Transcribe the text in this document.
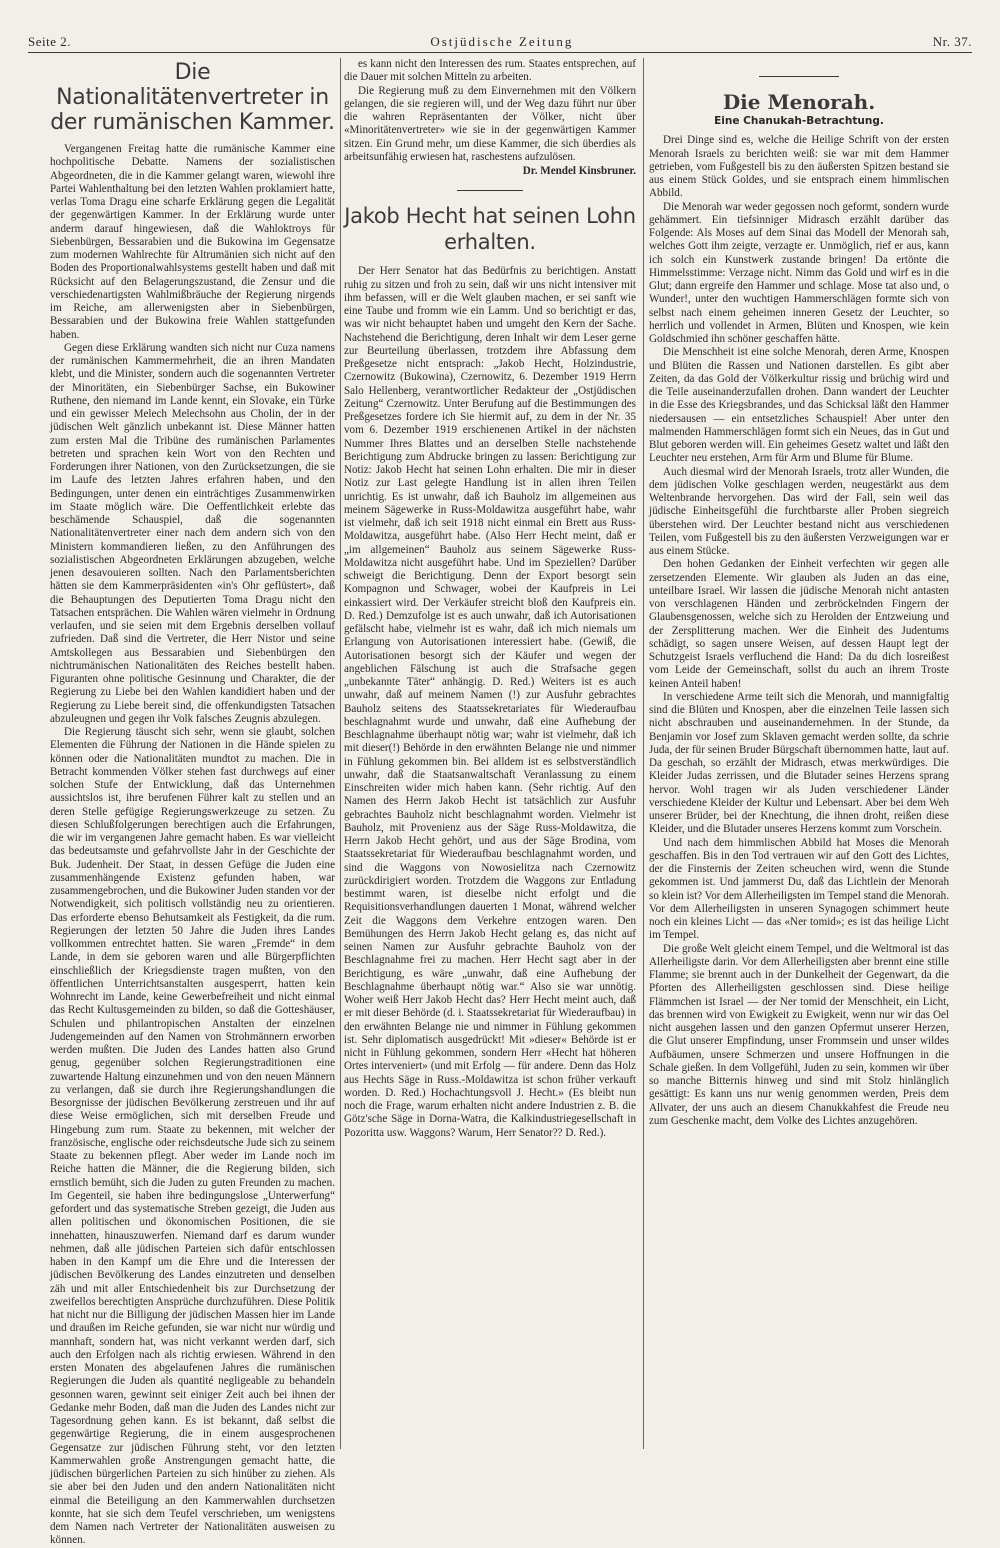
Seite 2.	Ostjüdische Zeitung	Nr. 37.
Die Nationalitätenvertreter in der rumänischen Kammer.

Vergangenen Freitag hatte die rumänische Kammer eine hochpolitische Debatte. Namens der sozialistischen Abgeordneten, die in die Kammer gelangt waren, wiewohl ihre Partei Wahlenthaltung bei den letzten Wahlen proklamiert hatte, verlas Toma Dragu eine scharfe Erklärung gegen die Legalität der gegenwärtigen Kammer. In der Erklärung wurde unter anderm darauf hingewiesen, daß die Wahloktroys für Siebenbürgen, Bessarabien und die Bukowina im Gegensatze zum modernen Wahlrechte für Altrumänien sich nicht auf den Boden des Proportionalwahlsystems gestellt haben und daß mit Rücksicht auf den Belagerungszustand, die Zensur und die verschiedenartigsten Wahlmißbräuche der Regierung nirgends im Reiche, am allerwenigsten aber in Siebenbürgen, Bessarabien und der Bukowina freie Wahlen stattgefunden haben.

Gegen diese Erklärung wandten sich nicht nur Cuza namens der rumänischen Kammermehrheit, die an ihren Mandaten klebt, und die Minister, sondern auch die sogenannten Vertreter der Minoritäten, ein Siebenbürger Sachse, ein Bukowiner Ruthene, den niemand im Lande kennt, ein Slovake, ein Türke und ein gewisser Melech Melechsohn aus Cholin, der in der jüdischen Welt gänzlich unbekannt ist. Diese Männer hatten zum ersten Mal die Tribüne des rumänischen Parlamentes betreten und sprachen kein Wort von den Rechten und Forderungen ihrer Nationen, von den Zurücksetzungen, die sie im Laufe des letzten Jahres erfahren haben, und den Bedingungen, unter denen ein einträchtiges Zusammenwirken im Staate möglich wäre. Die Oeffentlichkeit erlebte das beschämende Schauspiel, daß die sogenannten Nationalitätenvertreter einer nach dem andern sich von den Ministern kommandieren ließen, zu den Anführungen des sozialistischen Abgeordneten Erklärungen abzugeben, welche jenen desavouieren sollten. Nach den Parlamentsberichten hätten sie dem Kammerpräsidenten «in's Ohr geflüstert», daß die Behauptungen des Deputierten Toma Dragu nicht den Tatsachen entsprächen. Die Wahlen wären vielmehr in Ordnung verlaufen, und sie seien mit dem Ergebnis derselben vollauf zufrieden. Daß sind die Vertreter, die Herr Nistor und seine Amtskollegen aus Bessarabien und Siebenbürgen den nichtrumänischen Nationalitäten des Reiches bestellt haben. Figuranten ohne politische Gesinnung und Charakter, die der Regierung zu Liebe bei den Wahlen kandidiert haben und der Regierung zu Liebe bereit sind, die offenkundigsten Tatsachen abzuleugnen und gegen ihr Volk falsches Zeugnis abzulegen.

Die Regierung täuscht sich sehr, wenn sie glaubt, solchen Elementen die Führung der Nationen in die Hände spielen zu können oder die Nationalitäten mundtot zu machen. Die in Betracht kommenden Völker stehen fast durchwegs auf einer solchen Stufe der Entwicklung, daß das Unternehmen aussichtslos ist, ihre berufenen Führer kalt zu stellen und an deren Stelle gefügige Regierungswerkzeuge zu setzen. Zu diesen Schlußfolgerungen berechtigen auch die Erfahrungen, die wir im vergangenen Jahre gemacht haben. Es war vielleicht das bedeutsamste und gefahrvollste Jahr in der Geschichte der Buk. Judenheit. Der Staat, in dessen Gefüge die Juden eine zusammenhängende Existenz gefunden haben, war zusammengebrochen, und die Bukowiner Juden standen vor der Notwendigkeit, sich politisch vollständig neu zu orientieren. Das erforderte ebenso Behutsamkeit als Festigkeit, da die rum. Regierungen der letzten 50 Jahre die Juden ihres Landes vollkommen entrechtet hatten. Sie waren „Fremde“ in dem Lande, in dem sie geboren waren und alle Bürgerpflichten einschließlich der Kriegsdienste tragen mußten, von den öffentlichen Unterrichtsanstalten ausgesperrt, hatten kein Wohnrecht im Lande, keine Gewerbefreiheit und nicht einmal das Recht Kultusgemeinden zu bilden, so daß die Gotteshäuser, Schulen und philantropischen Anstalten der einzelnen Judengemeinden auf den Namen von Strohmännern erworben werden mußten. Die Juden des Landes hatten also Grund genug, gegenüber solchen Regierungstraditionen eine zuwartende Haltung einzunehmen und von den neuen Männern zu verlangen, daß sie durch ihre Regierungshandlungen die Besorgnisse der jüdischen Bevölkerung zerstreuen und ihr auf diese Weise ermöglichen, sich mit derselben Freude und Hingebung zum rum. Staate zu bekennen, mit welcher der französische, englische oder reichsdeutsche Jude sich zu seinem Staate zu bekennen pflegt. Aber weder im Lande noch im Reiche hatten die Männer, die die Regierung bilden, sich ernstlich bemüht, sich die Juden zu guten Freunden zu machen. Im Gegenteil, sie haben ihre bedingungslose „Unterwerfung“ gefordert und das systematische Streben gezeigt, die Juden aus allen politischen und ökonomischen Positionen, die sie innehatten, hinauszuwerfen. Niemand darf es darum wunder nehmen, daß alle jüdischen Parteien sich dafür entschlossen haben in den Kampf um die Ehre und die Interessen der jüdischen Bevölkerung des Landes einzutreten und denselben zäh und mit aller Entschiedenheit bis zur Durchsetzung der zweifellos berechtigten Ansprüche durchzuführen. Diese Politik hat nicht nur die Billigung der jüdischen Massen hier im Lande und draußen im Reiche gefunden, sie war nicht nur würdig und mannhaft, sondern hat, was nicht verkannt werden darf, sich auch den Erfolgen nach als richtig erwiesen. Während in den ersten Monaten des abgelaufenen Jahres die rumänischen Regierungen die Juden als quantité negligeable zu behandeln gesonnen waren, gewinnt seit einiger Zeit auch bei ihnen der Gedanke mehr Boden, daß man die Juden des Landes nicht zur Tagesordnung gehen kann. Es ist bekannt, daß selbst die gegenwärtige Regierung, die in einem ausgesprochenen Gegensatze zur jüdischen Führung steht, vor den letzten Kammerwahlen große Anstrengungen gemacht hatte, die jüdischen bürgerlichen Parteien zu sich hinüber zu ziehen. Als sie aber bei den Juden und den andern Nationalitäten nicht einmal die Beteiligung an den Kammerwahlen durchsetzen konnte, hat sie sich dem Teufel verschrieben, um wenigstens dem Namen nach Vertreter der Nationalitäten ausweisen zu können.

es kann nicht den Interessen des rum. Staates entsprechen, auf die Dauer mit solchen Mitteln zu arbeiten.

Die Regierung muß zu dem Einvernehmen mit den Völkern gelangen, die sie regieren will, und der Weg dazu führt nur über die wahren Repräsentanten der Völker, nicht über «Minoritätenvertreter» wie sie in der gegenwärtigen Kammer sitzen. Ein Grund mehr, um diese Kammer, die sich überdies als arbeitsunfähig erwiesen hat, raschestens aufzulösen.

Dr. Mendel Kinsbruner.

Jakob Hecht hat seinen Lohn erhalten.

Der Herr Senator hat das Bedürfnis zu berichtigen. Anstatt ruhig zu sitzen und froh zu sein, daß wir uns nicht intensiver mit ihm befassen, will er die Welt glauben machen, er sei sanft wie eine Taube und fromm wie ein Lamm. Und so berichtigt er das, was wir nicht behauptet haben und umgeht den Kern der Sache. Nachstehend die Berichtigung, deren Inhalt wir dem Leser gerne zur Beurteilung überlassen, trotzdem ihre Abfassung dem Preßgesetze nicht entsprach: „Jakob Hecht, Holzindustrie, Czernowitz (Bukowina), Czernowitz, 6. Dezember 1919 Herrn Salo Hellenberg, verantwortlicher Redakteur der „Ostjüdischen Zeitung“ Czernowitz. Unter Berufung auf die Bestimmungen des Preßgesetzes fordere ich Sie hiermit auf, zu dem in der Nr. 35 vom 6. Dezember 1919 erschienenen Artikel in der nächsten Nummer Ihres Blattes und an derselben Stelle nachstehende Berichtigung zum Abdrucke bringen zu lassen: Berichtigung zur Notiz: Jakob Hecht hat seinen Lohn erhalten. Die mir in dieser Notiz zur Last gelegte Handlung ist in allen ihren Teilen unrichtig. Es ist unwahr, daß ich Bauholz im allgemeinen aus meinem Sägewerke in Russ-Moldawitza ausgeführt habe, wahr ist vielmehr, daß ich seit 1918 nicht einmal ein Brett aus Russ-Moldawitza, ausgeführt habe. (Also Herr Hecht meint, daß er „im allgemeinen“ Bauholz aus seinem Sägewerke Russ-Moldawitza nicht ausgeführt habe. Und im Speziellen? Darüber schweigt die Berichtigung. Denn der Export besorgt sein Kompagnon und Schwager, wobei der Kaufpreis in Lei einkassiert wird. Der Verkäufer streicht bloß den Kaufpreis ein. D. Red.) Demzufolge ist es auch unwahr, daß ich Autorisationen gefälscht habe, vielmehr ist es wahr, daß ich mich niemals um Erlangung von Autorisationen interessiert habe. (Gewiß, die Autorisationen besorgt sich der Käufer und wegen der angeblichen Fälschung ist auch die Strafsache gegen „unbekannte Täter“ anhängig. D. Red.) Weiters ist es auch unwahr, daß auf meinem Namen (!) zur Ausfuhr gebrachtes Bauholz seitens des Staatssekretariates für Wiederaufbau beschlagnahmt wurde und unwahr, daß eine Aufhebung der Beschlagnahme überhaupt nötig war; wahr ist vielmehr, daß ich mit dieser(!) Behörde in den erwähnten Belange nie und nimmer in Fühlung gekommen bin. Bei alldem ist es selbstverständlich unwahr, daß die Staatsanwaltschaft Veranlassung zu einem Einschreiten wider mich haben kann. (Sehr richtig. Auf den Namen des Herrn Jakob Hecht ist tatsächlich zur Ausfuhr gebrachtes Bauholz nicht beschlagnahmt worden. Vielmehr ist Bauholz, mit Provenienz aus der Säge Russ-Moldawitza, die Herrn Jakob Hecht gehört, und aus der Säge Brodina, vom Staatssekretariat für Wiederaufbau beschlagnahmt worden, und sind die Waggons von Nowosielitza nach Czernowitz zurückdirigiert worden. Trotzdem die Waggons zur Entladung bestimmt waren, ist dieselbe nicht erfolgt und die Requisitionsverhandlungen dauerten 1 Monat, während welcher Zeit die Waggons dem Verkehre entzogen waren. Den Bemühungen des Herrn Jakob Hecht gelang es, das nicht auf seinen Namen zur Ausfuhr gebrachte Bauholz von der Beschlagnahme frei zu machen. Herr Hecht sagt aber in der Berichtigung, es wäre „unwahr, daß eine Aufhebung der Beschlagnahme überhaupt nötig war.“ Also sie war unnötig. Woher weiß Herr Jakob Hecht das? Herr Hecht meint auch, daß er mit dieser Behörde (d. i. Staatssekretariat für Wiederaufbau) in den erwähnten Belange nie und nimmer in Fühlung gekommen ist. Sehr diplomatisch ausgedrückt! Mit »dieser« Behörde ist er nicht in Fühlung gekommen, sondern Herr «Hecht hat höheren Ortes interveniert» (und mit Erfolg — für andere. Denn das Holz aus Hechts Säge in Russ.-Moldawitza ist schon früher verkauft worden. D. Red.) Hochachtungsvoll J. Hecht.» (Es bleibt nun noch die Frage, warum erhalten nicht andere Industrien z. B. die Götz'sche Säge in Dorna-Watra, die Kalkindustriegesellschaft in Pozoritta usw. Waggons? Warum, Herr Senator?? D. Red.).

Die Menorah.
Eine Chanukah-Betrachtung.

Drei Dinge sind es, welche die Heilige Schrift von der ersten Menorah Israels zu berichten weiß: sie war mit dem Hammer getrieben, vom Fußgestell bis zu den äußersten Spitzen bestand sie aus einem Stück Goldes, und sie entsprach einem himmlischen Abbild.

Die Menorah war weder gegossen noch geformt, sondern wurde gehämmert. Ein tiefsinniger Midrasch erzählt darüber das Folgende: Als Moses auf dem Sinai das Modell der Menorah sah, welches Gott ihm zeigte, verzagte er. Unmöglich, rief er aus, kann ich solch ein Kunstwerk zustande bringen! Da ertönte die Himmelsstimme: Verzage nicht. Nimm das Gold und wirf es in die Glut; dann ergreife den Hammer und schlage. Mose tat also und, o Wunder!, unter den wuchtigen Hammerschlägen formte sich von selbst nach einem geheimen inneren Gesetz der Leuchter, so herrlich und vollendet in Armen, Blüten und Knospen, wie kein Goldschmied ihn schöner geschaffen hätte.

Die Menschheit ist eine solche Menorah, deren Arme, Knospen und Blüten die Rassen und Nationen darstellen. Es gibt aber Zeiten, da das Gold der Völkerkultur rissig und brüchig wird und die Teile auseinanderzufallen drohen. Dann wandert der Leuchter in die Esse des Kriegsbrandes, und das Schicksal läßt den Hammer niedersausen — ein entsetzliches Schauspiel! Aber unter den malmenden Hammerschlägen formt sich ein Neues, das in Gut und Blut geboren werden will. Ein geheimes Gesetz waltet und läßt den Leuchter neu erstehen, Arm für Arm und Blume für Blume.

Auch diesmal wird der Menorah Israels, trotz aller Wunden, die dem jüdischen Volke geschlagen werden, neugestärkt aus dem Weltenbrande hervorgehen. Das wird der Fall, sein weil das jüdische Einheitsgefühl die furchtbarste aller Proben siegreich überstehen wird. Der Leuchter bestand nicht aus verschiedenen Teilen, vom Fußgestell bis zu den äußersten Verzweigungen war er aus einem Stücke.

Den hohen Gedanken der Einheit verfechten wir gegen alle zersetzenden Elemente. Wir glauben als Juden an das eine, unteilbare Israel. Wir lassen die jüdische Menorah nicht antasten von verschlagenen Händen und zerbröckelnden Fingern der Glaubensgenossen, welche sich zu Herolden der Entzweiung und der Zersplitterung machen. Wer die Einheit des Judentums schädigt, so sagen unsere Weisen, auf dessen Haupt legt der Schutzgeist Israels verfluchend die Hand: Da du dich losreißest vom Leide der Gemeinschaft, sollst du auch an ihrem Troste keinen Anteil haben!

In verschiedene Arme teilt sich die Menorah, und mannigfaltig sind die Blüten und Knospen, aber die einzelnen Teile lassen sich nicht abschrauben und auseinandernehmen. In der Stunde, da Benjamin vor Josef zum Sklaven gemacht werden sollte, da schrie Juda, der für seinen Bruder Bürgschaft übernommen hatte, laut auf. Da geschah, so erzählt der Midrasch, etwas merkwürdiges. Die Kleider Judas zerrissen, und die Blutader seines Herzens sprang hervor. Wohl tragen wir als Juden verschiedener Länder verschiedene Kleider der Kultur und Lebensart. Aber bei dem Weh unserer Brüder, bei der Knechtung, die ihnen droht, reißen diese Kleider, und die Blutader unseres Herzens kommt zum Vorschein.

Und nach dem himmlischen Abbild hat Moses die Menorah geschaffen. Bis in den Tod vertrauen wir auf den Gott des Lichtes, der die Finsternis der Zeiten scheuchen wird, wenn die Stunde gekommen ist. Und jammerst Du, daß das Lichtlein der Menorah so klein ist? Vor dem Allerheiligsten im Tempel stand die Menorah. Vor dem Allerheiligsten in unseren Synagogen schimmert heute noch ein kleines Licht — das «Ner tomid»; es ist das heilige Licht im Tempel.

Die große Welt gleicht einem Tempel, und die Weltmoral ist das Allerheiligste darin. Vor dem Allerheiligsten aber brennt eine stille Flamme; sie brennt auch in der Dunkelheit der Gegenwart, da die Pforten des Allerheiligsten geschlossen sind. Diese heilige Flämmchen ist Israel — der Ner tomid der Menschheit, ein Licht, das brennen wird von Ewigkeit zu Ewigkeit, wenn nur wir das Oel nicht ausgehen lassen und den ganzen Opfermut unserer Herzen, die Glut unserer Empfindung, unser Frommsein und unser wildes Aufbäumen, unsere Schmerzen und unsere Hoffnungen in die Schale gießen. In dem Vollgefühl, Juden zu sein, kommen wir über so manche Bitternis hinweg und sind mit Stolz hinlänglich gesättigt: Es kann uns nur wenig genommen werden, Preis dem Allvater, der uns auch an diesem Chanukkahfest die Freude neu zum Geschenke macht, dem Volke des Lichtes anzugehören.
